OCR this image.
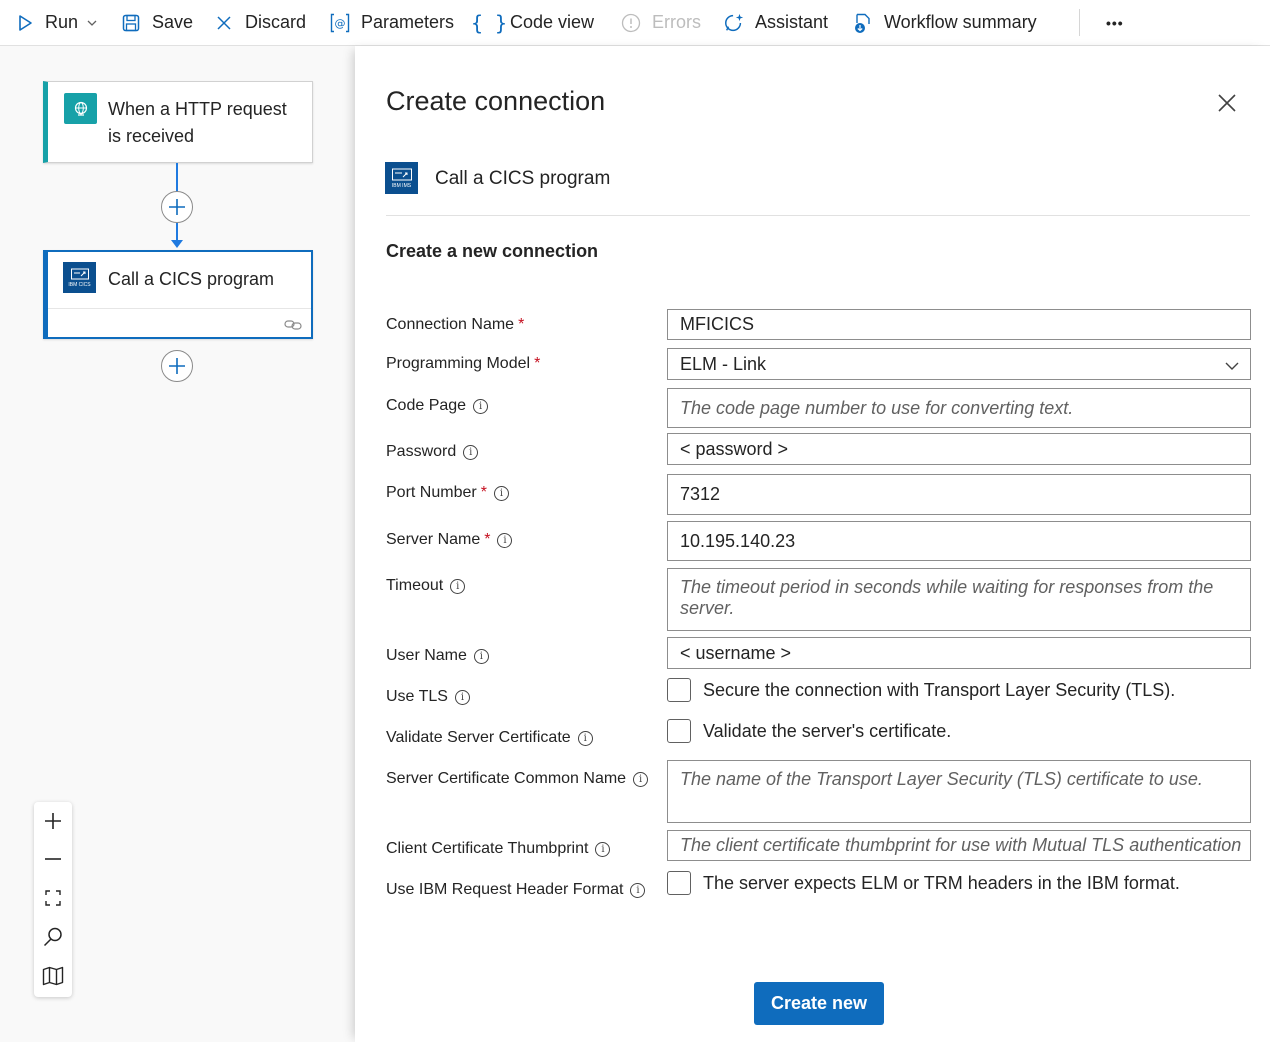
Run	Save	Discard	@ Parameters { } Code view	Errors	Assistant	Workflow summary	•••
When a HTTP request
is received
IBM CICS Call a CICS program
Create connection
IBM IMS Call a CICS program
Create a new connection
Connection Name *	MFICICS
Programming Model *	ELM - Link
Code Page	i	The code page number to use for converting text.
Password	i	< password >
Port Number *	i	7312
Server Name *	i	10.195.140.23
Timeout	i	The timeout period in seconds while waiting for responses from the server.
User Name	i	< username >
Use TLS	i	Secure the connection with Transport Layer Security (TLS).
Validate Server Certificate	i	Validate the server's certificate.
Server Certificate Common Name	i	The name of the Transport Layer Security (TLS) certificate to use.
Client Certificate Thumbprint	i	The client certificate thumbprint for use with Mutual TLS authentication
Use IBM Request Header Format	i	The server expects ELM or TRM headers in the IBM format.
Create new
